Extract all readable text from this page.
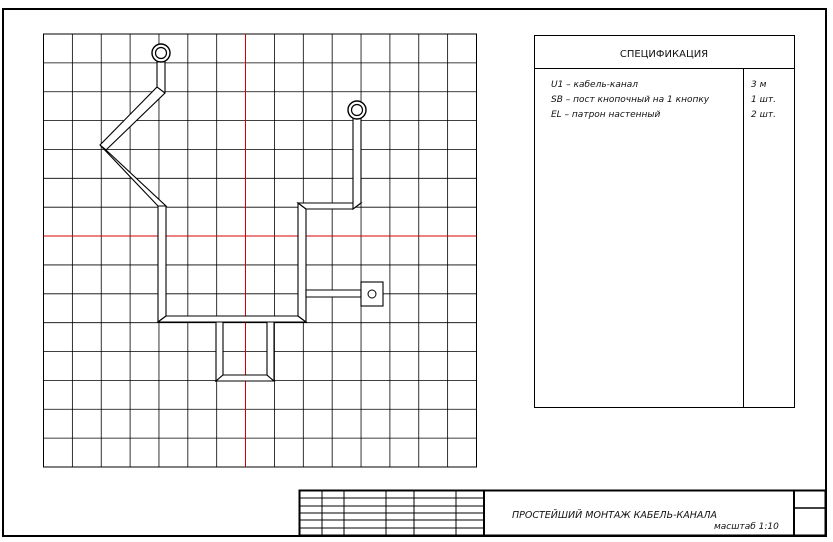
СПЕЦИФИКАЦИЯ
U1 – кабель-канал	3 м
SB – пост кнопочный на 1 кнопку	1 шт.
EL – патрон настенный	2 шт.
ПРОСТЕЙШИЙ МОНТАЖ КАБЕЛЬ-КАНАЛА
масштаб 1:10
